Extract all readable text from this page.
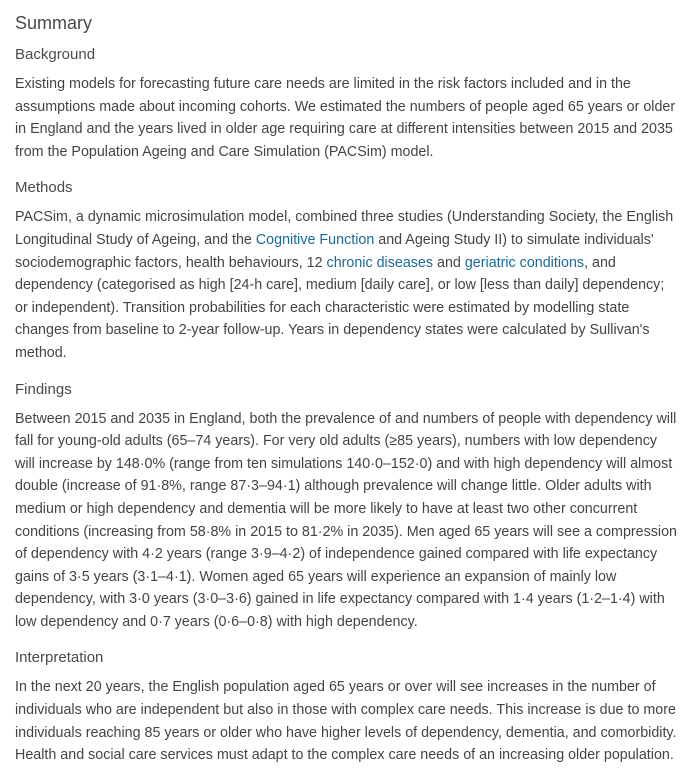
Summary
Background

Existing models for forecasting future care needs are limited in the risk factors included and in the assumptions made about incoming cohorts. We estimated the numbers of people aged 65 years or older in England and the years lived in older age requiring care at different intensities between 2015 and 2035 from the Population Ageing and Care Simulation (PACSim) model.

Methods

PACSim, a dynamic microsimulation model, combined three studies (Understanding Society, the English Longitudinal Study of Ageing, and the Cognitive Function and Ageing Study II) to simulate individuals' sociodemographic factors, health behaviours, 12 chronic diseases and geriatric conditions, and dependency (categorised as high [24-h care], medium [daily care], or low [less than daily] dependency; or independent). Transition probabilities for each characteristic were estimated by modelling state changes from baseline to 2-year follow-up. Years in dependency states were calculated by Sullivan's method.

Findings

Between 2015 and 2035 in England, both the prevalence of and numbers of people with dependency will fall for young-old adults (65–74 years). For very old adults (≥85 years), numbers with low dependency will increase by 148·0% (range from ten simulations 140·0–152·0) and with high dependency will almost double (increase of 91·8%, range 87·3–94·1) although prevalence will change little. Older adults with medium or high dependency and dementia will be more likely to have at least two other concurrent conditions (increasing from 58·8% in 2015 to 81·2% in 2035). Men aged 65 years will see a compression of dependency with 4·2 years (range 3·9–4·2) of independence gained compared with life expectancy gains of 3·5 years (3·1–4·1). Women aged 65 years will experience an expansion of mainly low dependency, with 3·0 years (3·0–3·6) gained in life expectancy compared with 1·4 years (1·2–1·4) with low dependency and 0·7 years (0·6–0·8) with high dependency.

Interpretation

In the next 20 years, the English population aged 65 years or over will see increases in the number of individuals who are independent but also in those with complex care needs. This increase is due to more individuals reaching 85 years or older who have higher levels of dependency, dementia, and comorbidity. Health and social care services must adapt to the complex care needs of an increasing older population.
